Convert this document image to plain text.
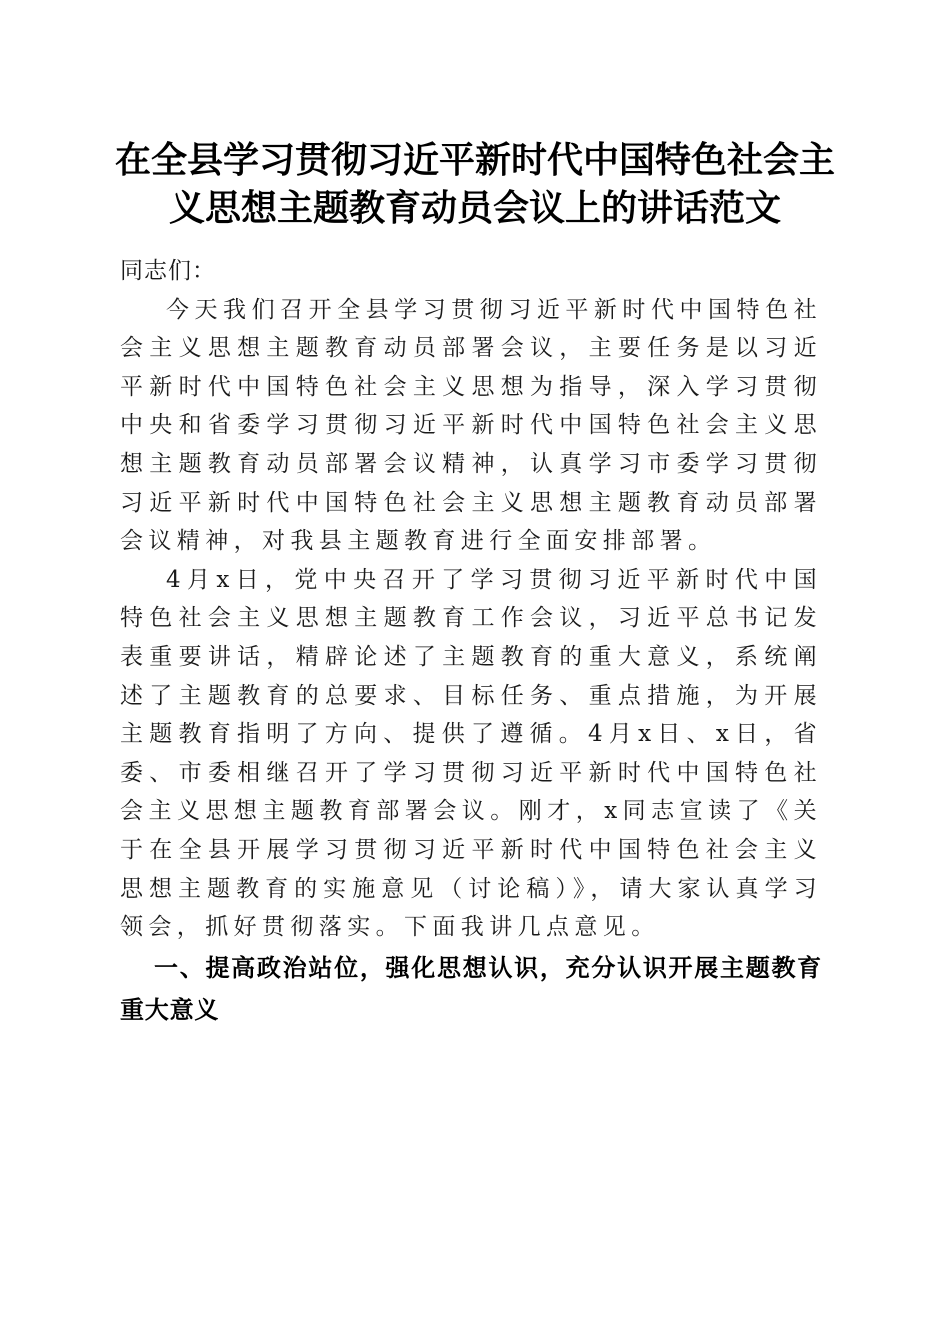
在全县学习贯彻习近平新时代中国特色社会主义思想主题教育动员会议上的讲话范文

同志们：

今天我们召开全县学习贯彻习近平新时代中国特色社会主义思想主题教育动员部署会议，主要任务是以习近平新时代中国特色社会主义思想为指导，深入学习贯彻中央和省委学习贯彻习近平新时代中国特色社会主义思想主题教育动员部署会议精神，认真学习市委学习贯彻习近平新时代中国特色社会主义思想主题教育动员部署会议精神，对我县主题教育进行全面安排部署。

4月x日，党中央召开了学习贯彻习近平新时代中国特色社会主义思想主题教育工作会议，习近平总书记发表重要讲话，精辟论述了主题教育的重大意义，系统阐述了主题教育的总要求、目标任务、重点措施，为开展主题教育指明了方向、提供了遵循。4月x日、x日，省委、市委相继召开了学习贯彻习近平新时代中国特色社会主义思想主题教育部署会议。刚才，x同志宣读了《关于在全县开展学习贯彻习近平新时代中国特色社会主义思想主题教育的实施意见（讨论稿）》，请大家认真学习领会，抓好贯彻落实。下面我讲几点意见。

一、提高政治站位，强化思想认识，充分认识开展主题教育重大意义
